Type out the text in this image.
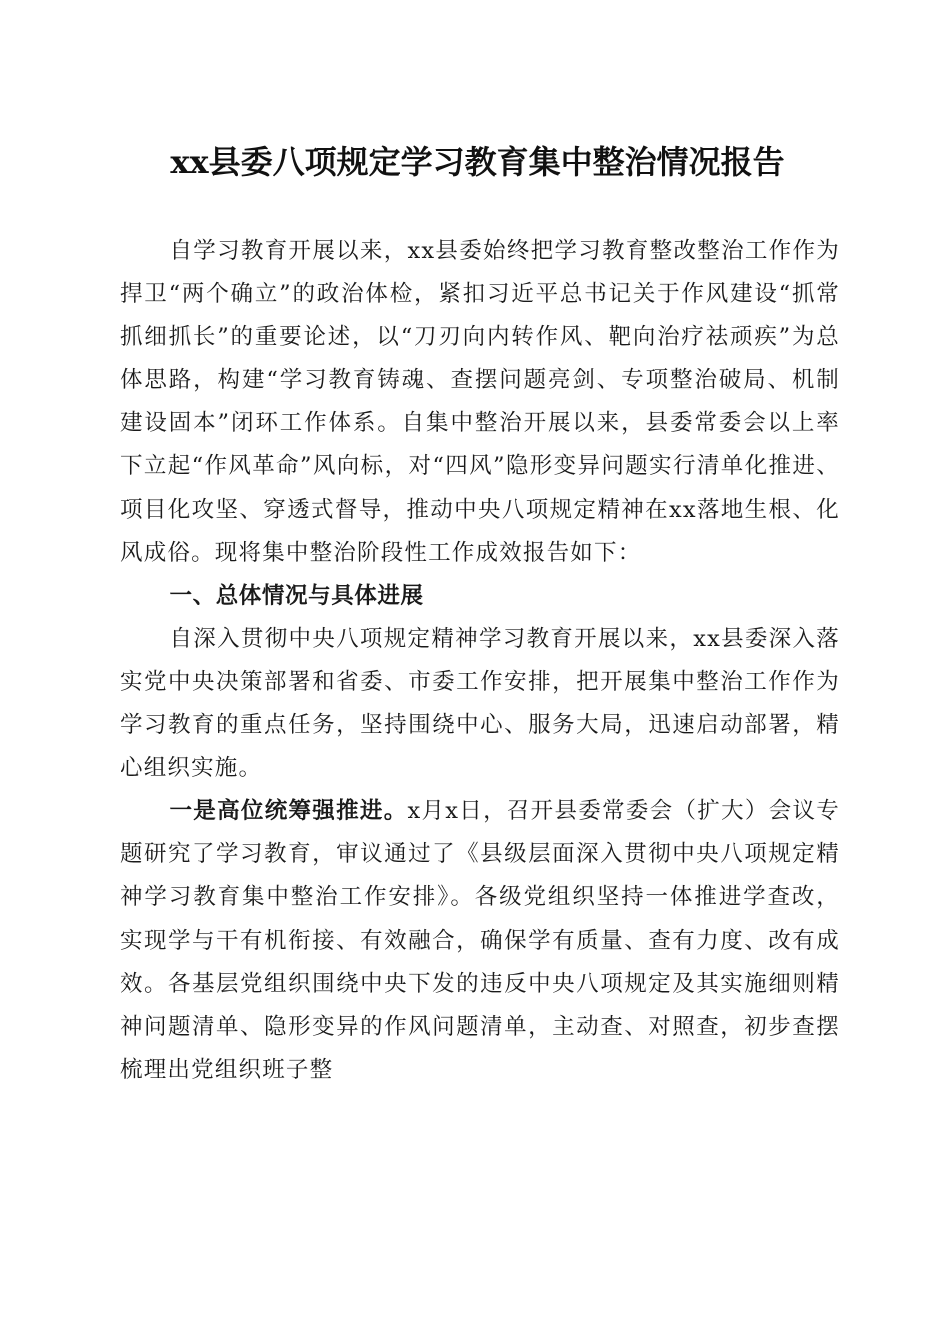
xx县委八项规定学习教育集中整治情况报告

自学习教育开展以来，xx县委始终把学习教育整改整治工作作为捍卫“两个确立”的政治体检，紧扣习近平总书记关于作风建设“抓常抓细抓长”的重要论述，以“刀刃向内转作风、靶向治疗祛顽疾”为总体思路，构建“学习教育铸魂、查摆问题亮剑、专项整治破局、机制建设固本”闭环工作体系。自集中整治开展以来，县委常委会以上率下立起“作风革命”风向标，对“四风”隐形变异问题实行清单化推进、项目化攻坚、穿透式督导，推动中央八项规定精神在xx落地生根、化风成俗。现将集中整治阶段性工作成效报告如下：

一、总体情况与具体进展

自深入贯彻中央八项规定精神学习教育开展以来，xx县委深入落实党中央决策部署和省委、市委工作安排，把开展集中整治工作作为学习教育的重点任务，坚持围绕中心、服务大局，迅速启动部署，精心组织实施。

一是高位统筹强推进。x月x日，召开县委常委会（扩大）会议专题研究了学习教育，审议通过了《县级层面深入贯彻中央八项规定精神学习教育集中整治工作安排》。各级党组织坚持一体推进学查改，实现学与干有机衔接、有效融合，确保学有质量、查有力度、改有成效。各基层党组织围绕中央下发的违反中央八项规定及其实施细则精神问题清单、隐形变异的作风问题清单，主动查、对照查，初步查摆梳理出党组织班子整
